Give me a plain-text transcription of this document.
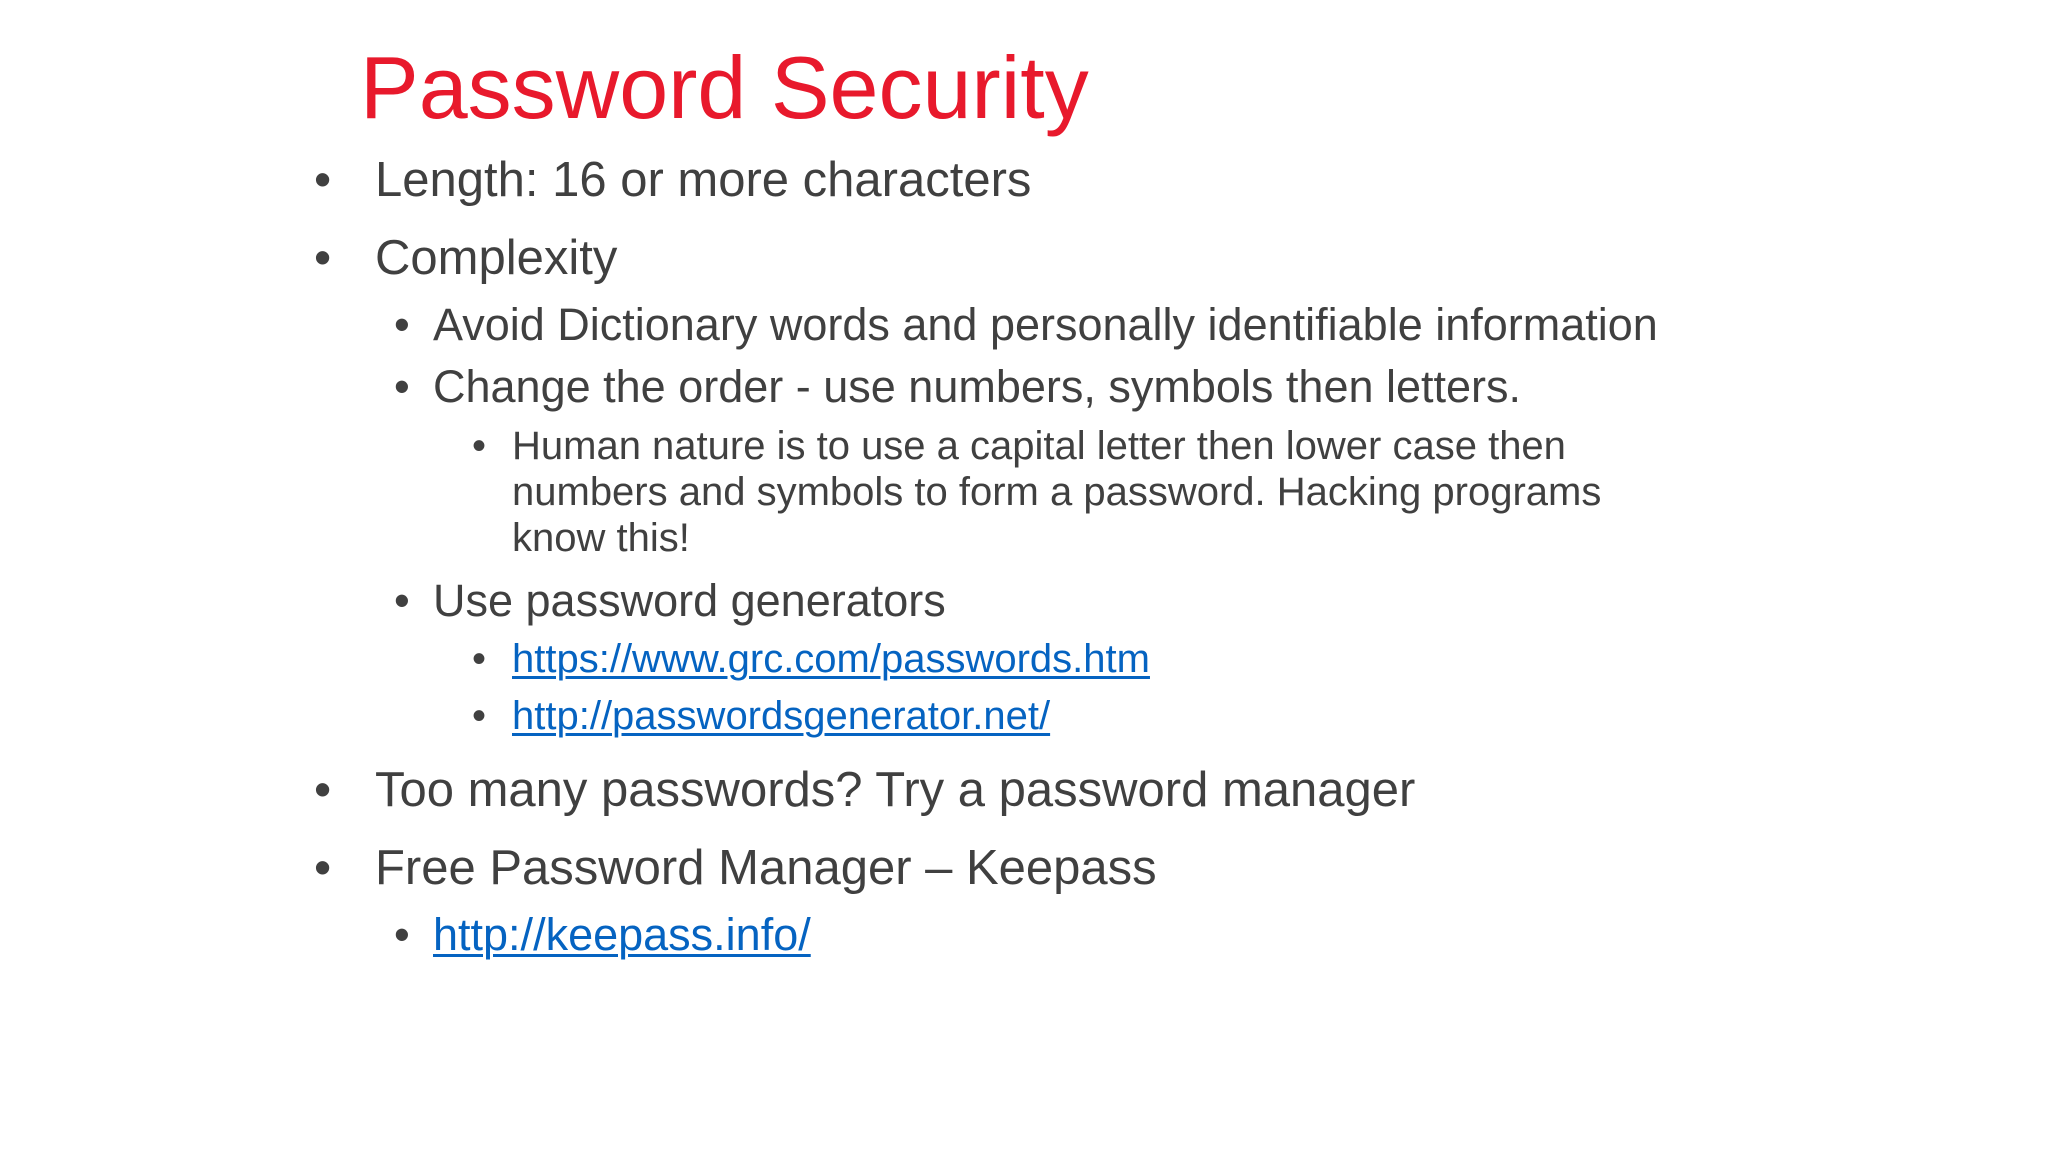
Password Security
• Length: 16 or more characters
• Complexity
• Avoid Dictionary words and personally identifiable information
• Change the order - use numbers, symbols then letters.
• Human nature is to use a capital letter then lower case then
numbers and symbols to form a password. Hacking programs
know this!
• Use password generators
• https://www.grc.com/passwords.htm
• http://passwordsgenerator.net/
• Too many passwords? Try a password manager
• Free Password Manager – Keepass
• http://keepass.info/
